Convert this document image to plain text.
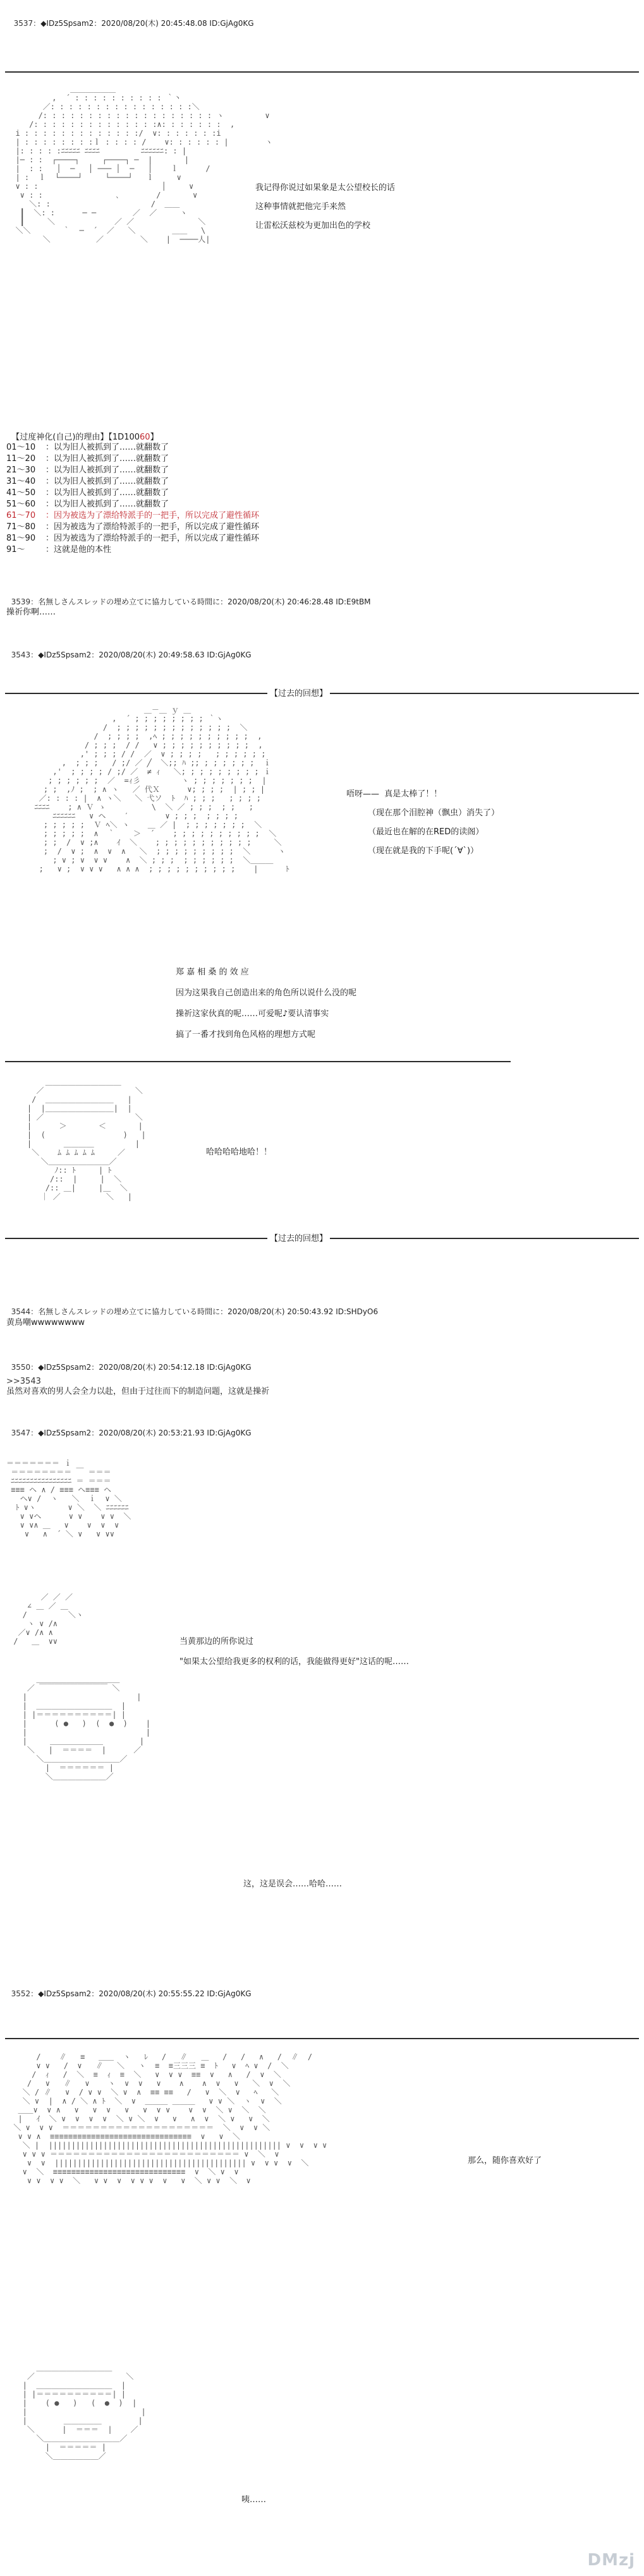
3537：◆IDz5Spsam2：2020/08/20(木) 20:45:48.08 ID:GjAg0KG

＿＿＿＿＿＿
,  ´ : : : : : : : : : : ｀丶
／: : : : : : : : : : : : : : : :＼
/: : : : : : : : : : : : : : : : : : : ヽ         ∨
/: : : : : : : : : : : : : :∧: : : : : : :  ,
i : : : : : : : : : : : : :/  ∨: : : : : : :i
| : : : : : : : :ｌ : : : : /    ∨: : : : : : |        ヽ
|: : : : :ﾆﾆﾆﾆﾆ ﾆﾆﾆﾆ         ﾆﾆﾆﾆﾆﾆ: : |
|─ : :  ┌────┐     ┌────┐ ─  |       |
|  : :   │  ─   │ ─── │  ─   │    ｌ      /
| :  ｌ  └────┘     └────┘   ｌ     ∨
∨ : :                           │     ∨
∨ : :                ､        /       ∨
＼: :                      /  ＿＿
┃  ＼: :      ─ ─        ／  ／     ヽ
┃     ＼             ／ ／              ＼
＼＼       ｀  ─  ´  ／   ＼        ＿＿   \
＼          ／        ＼    |  ────人|

我记得你说过如果象是太公望校长的话
这种事情就把他完手来然
让雷松沃兹校为更加出色的学校

【过度神化(自己)的理由】【1D10060】

01～10 ：以为旧人被抓到了……就翻数了
11～20 ：以为旧人被抓到了……就翻数了
21～30 ：以为旧人被抓到了……就翻数了
31～40 ：以为旧人被抓到了……就翻数了
41～50 ：以为旧人被抓到了……就翻数了
51～60 ：以为旧人被抓到了……就翻数了
61～70 ：因为被选为了漂给特派手的一把手，所以完成了避性循环
71～80 ：因为被选为了漂给特派手的一把手，所以完成了避性循环
81～90 ：因为被选为了漂给特派手的一把手，所以完成了避性循环
91～ ：这就是他的本性

3539：名無しさんスレッドの埋め立てに協力している時間に：2020/08/20(木) 20:46:28.48 ID:E9tBM

操祈你啊……

3543：◆IDz5Spsam2：2020/08/20(木) 20:49:58.63 ID:GjAg0KG

【过去的回想】
＿－＿ ｙ ＿
,  ´ ; ; ; ; ; ; ; ; ｀ヽ
/  ; ; ; ; ; ; ; ; ; ; ; ; ;  ＼
/  ; ; ; ;  ,ﾍ ; ; ; ; ; ; ; ; ; ;  ,
/ ; ; ;  / /   ∨ ; ; ; ; ; ; ; ; ; ;  ,
,' ; ; ; / /  ／  ∨ ; ; ; ;   ; ; ; ; ; ;
,  ; ; ;   / ;/ ／ ╱  ＼;; ﾊ ;; ; ; ; ; ; ;  ｉ
,'  ; ; ; ; / ;/ ／  ≠ ｨ   ＼; ; ; ; ; ; ; ; ; ｉ
; ; ; ; ; ;  ／  =ｨ彡         ヽ ; ; ; ; ; ; ;  |
; ;  ,ﾉ ;  ; ∧ ヽ   ／ 代Ｘ      ∨; ; ; ;  | ; ; |
／: : : : |  ∧ ヽ＼   ＼ 弋ソ  ﾄ  ﾊ ; ; ;   ; ; ; ;
ﾆﾆﾆﾆ    ; ∧ Ｖ ゝ          \  ＼ ／ ; ; ;  ; ;   ;
ﾆﾆﾆﾆﾆﾆ   ∨ ヘ    ′        ∨ ; ; ;  ; ; ; ;
; ; ; ; ;  Ｖ ﾍ＼ ヽ    ＿ ／ |  ; ; ; ; ; ; ;  ＼
; ; ; ; ;  ∧  ｀    ＞  ´    ; ; ; ; ; ; ; ; ; ;  ＼
; ;  /  ∨ ;∧    ｲ  ＼    ; ; ; ; ; ; ; ; ; ; ;     ＼
;  /  ∨ ;  ∧  ∨  ∧   ＼  ; ; ; ; ; ; ; ; ;  ＼      ヽ
; ∨ ; ∨  ∨ ∨    ∧  ＼ ; ; ;  ; ; ; ; ; ;  ＼＿＿＿
;   ∨ ;  ∨ ∨ ∨   ∧ ∧ ∧  ; ; ; ; ; ; ; ; ; ;    |      ﾄ

唔呀——  真是太棒了！！
（现在那个泪腔神（飘虫）消失了）
（最近也在解的在RED的读阁）
（现在就是我的下手呢(´∀`)）
郑 嘉 相 桑 的 效 应
因为这果我自己创造出来的角色所以说什么没的呢
操祈这家伙真的呢……可爱呢♪要认清事实
搞了一番才找到角色风格的理想方式呢
＿＿＿＿＿＿＿＿＿＿
／                    ＼
/  ＿＿＿＿＿＿＿＿＿   |
|  |＿＿＿＿＿＿＿＿＿|  |
| ／                    ＼
|      ＞       ＜       |
|  (                 )   |
|       ＿＿＿＿         |
＼    ﾑ ﾑ ﾑ ﾑ ﾑ     ／
＼＿＿＿＿＿＿＿＿／
ﾉ:: ﾄ     | ﾄ
/::  |     |  ＼
/:: ＿|     |＿  ＼
｜ ／          ＼   |

哈哈哈哈地哈！！
【过去的回想】

3544：名無しさんスレッドの埋め立てに協力している時間に：2020/08/20(木) 20:50:43.92 ID:SHDyO6

黄鳥嘲wwwwwwww

3550：◆IDz5Spsam2：2020/08/20(木) 20:54:12.18 ID:GjAg0KG

>>3543
虽然对喜欢的男人会全力以赴，但由于过往而下的制造问题，这就是操祈

3547：◆IDz5Spsam2：2020/08/20(木) 20:53:21.93 ID:GjAg0KG

＝＝＝＝＝＝＝ ｉ
＝＝＝＝＝＝＝＝ ￣ ＝＝＝
ﾆﾆﾆﾆﾆﾆﾆﾆﾆﾆﾆﾆﾆﾆﾆﾆ ＝ ＝＝＝
≡≡≡ ヘ ∧ / ≡≡≡ ヘ≡≡≡ ヘ
ヘ∨ /  ヽ   ＼  ｉ  ∨ ＼
ﾄ ∨ヽ       ∨ ＼  ＼ ﾆﾆﾆﾆﾆﾆ
∨ ∨ヘ      ∨ ∨    ∨ ∨  ＼
∨ ∨∧ ＿   ∨    ∨  ∨  ∨
∨   ∧  ´ ＼ ∨   ∨ ∨∨

／ ／ ／
∠ ＿ ／ ＿
/         ＼ヽ
ヽ ∨ /∧
／∨ /∧ ∧
/   ＿  ∨∨	当黄那边的所你说过
"如果太公望给我更多的权利的话，我能做得更好"这话的呢……
＿＿＿＿＿＿＿＿＿＿＿
／ ￣￣￣￣￣￣￣￣￣ ＼
|                        |
|  ＿＿＿＿＿＿＿＿＿＿  |
| |＝＝＝＝＝＝＝＝＝＝| |
|      ( ●   )  (  ●  )    |
|                          |
|     ＿＿＿＿＿＿＿        |
＼   |  ＝＝＝＝  |      ／
＼＿＿＿＿＿＿＿＿＿＿／
|  ＝＝＝＝＝＝ |
＼＿＿＿＿＿＿＿／

这，这是误会……哈哈……

3552：◆IDz5Spsam2：2020/08/20(木) 20:55:55.22 ID:GjAg0KG

/    ∥   ≡   ＿＿  ヽ   ﾚ   /   ∥   ＿   /   /   ∧   /  ∥  /
∨ ∨   /  ∨   ∥   ＼   ヽ  ≡  ≡三三三 ≡  ﾄ   ∨  ﾍ ∨  /  ＼
/  ｨ   /  ＼  ≡  ｨ  ≡  ＼   ∨  ∨ ∨  ≡≡  ∨   ∧   /  ∨  ＼
/   ∨   ∥   ∨    ヽ  ∨  ∨   ∨    ∧    ∧  ∨   ∨   ＼  ∨  ＼
＼ / ∥   ∨  / ∨ ∨  ＼ ∨  ∧  ≡≡ ≡≡   /   ∨  ＼  ∨   ﾍ   ＼
＼ ∨  |  ∧ / ＼ ∧ ﾄ  ＼  ∨  ＿＿＿ ＿＿＿   ∨ ∨ ＼  ヽ  ∨  ＼
＿＿∨  ∨ ∧   ∨   ∨  ∨   ∨   ∨  ∨ ∨    ∨  ∨  ＼ ∨  ＼  ＼
|   ｲ  ＼ ∨  ∨  ∨  ∨  ＼ ∨ ＼  ∨   ∨   ∧  ∨  ＼ ∨   ∨  ＼
＼ ∨  ∨ ∨  ＝＝＝＝＝＝＝＝＝＝＝＝＝＝＝＝＝＝＝＝  ＼  ∨  ∨ ＼
∨ ∨ ∧  ≡≡≡≡≡≡≡≡≡≡≡≡≡≡≡≡≡≡≡≡≡≡≡≡≡≡≡≡≡≡≡  ∨   ∨  ＼
＼ |  ||||||||||||||||||||||||||||||||||||||||||||||||||| ∨  ∨  ∨ ∨
∨ ∨ ∨ ＝＝＝＝＝＝＝＝＝＝＝＝＝＝＝＝＝＝＝＝＝＝＝＝＝ ∨  ＼  ∨
∨  ∨  |||||||||||||||||||||||||||||||||||||||||| ∨  ∨ ∨  ∨  ＼
∨  ＼  ≡≡≡≡≡≡≡≡≡≡≡≡≡≡≡≡≡≡≡≡≡≡≡≡≡≡≡≡≡  ∨  ＼ ∨  ∨
∨ ∨  ∨ ∨  ＼   ∨ ∨  ∨  ∨ ∨ ∨  ∨   ∨  ＼ ∨ ∨  ＼  ∨

那么，随你喜欢好了
＿＿＿＿＿＿＿＿＿＿
／                    ＼
|  ＿＿＿＿＿＿＿＿＿＿  |
| |＝＝＝＝＝＝＝＝＝＝| |
|    ( ●   )   (  ●  )  |
|                         |
|        ＿＿＿＿＿        |
＼      |  ＝＝＝  |    ／
＼＿＿＿＿＿＿＿＿＿＿／
|  ＝＝＝＝＝ |
＼＿＿＿＿＿＿／

咦……
DMzj
